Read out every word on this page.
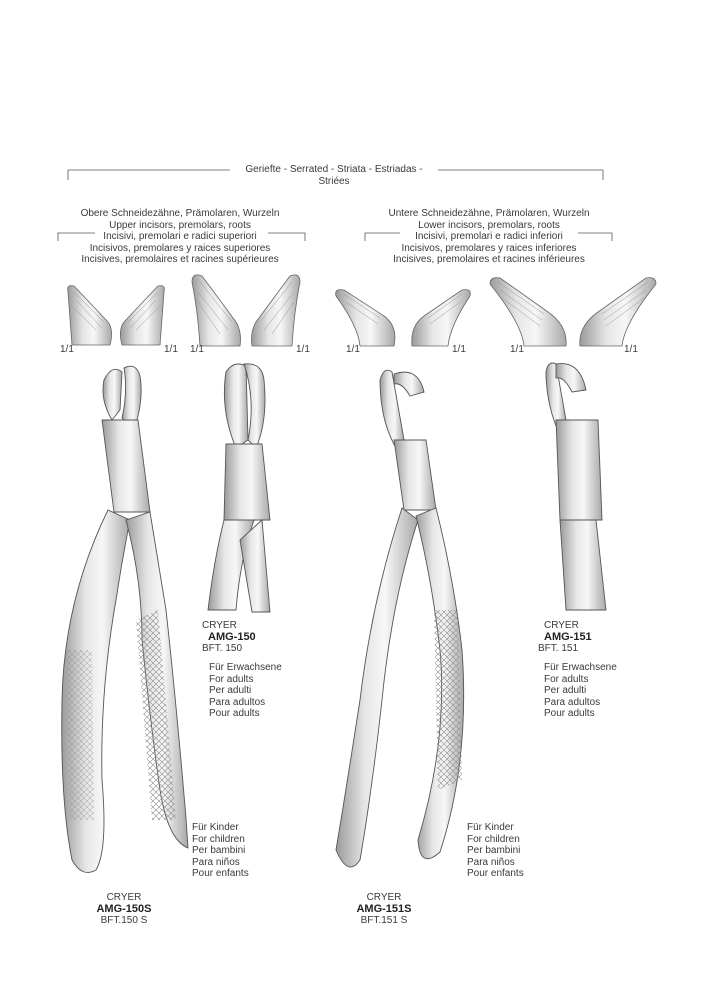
Geriefte - Serrated - Striata - Estriadas - Striées
Obere Schneidezähne, Prämolaren, Wurzeln
Upper incisors, premolars, roots
Incisivi, premolari e radici superiori
Incisivos, premolares y raices superiores
Incisives, premolaires et racines supérieures
Untere Schneidezähne, Prämolaren, Wurzeln
Lower incisors, premolars, roots
Incisivi, premolari e radici inferiori
Incisivos, premolares y raices inferiores
Incisives, premolaires et racines inférieures
1/1	1/1 1/1	1/1	1/1	1/1	1/1	1/1
CRYER
AMG-150
BFT. 150
Für Erwachsene
For adults
Per adulti
Para adultos
Pour adults
CRYER
AMG-151
BFT. 151
Für Erwachsene
For adults
Per adulti
Para adultos
Pour adults
Für Kinder
For children
Per bambini
Para niños
Pour enfants
CRYER
AMG-150S
BFT.150 S
Für Kinder
For children
Per bambini
Para niños
Pour enfants
CRYER
AMG-151S
BFT.151 S
